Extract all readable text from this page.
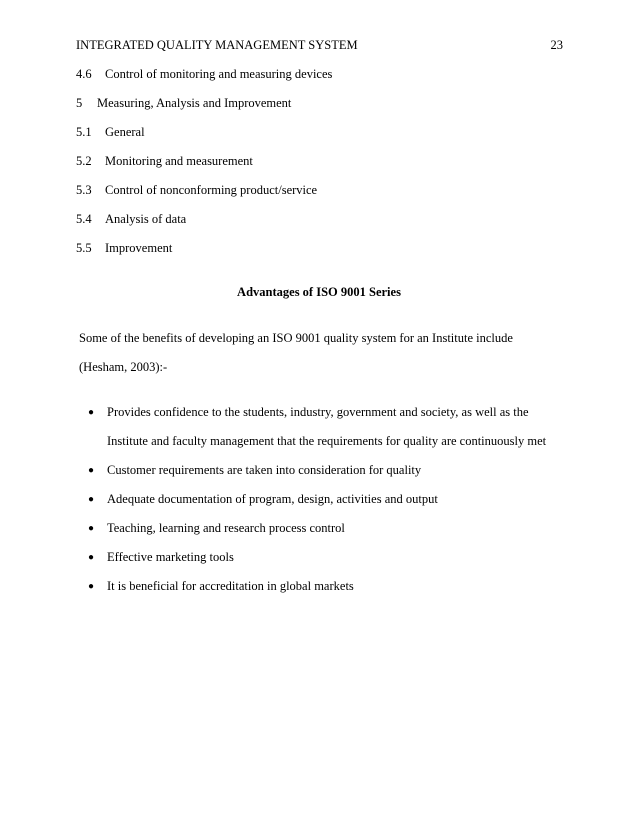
INTEGRATED QUALITY MANAGEMENT SYSTEM	23
4.6	Control of monitoring and measuring devices
5	Measuring, Analysis and Improvement
5.1	General
5.2	Monitoring and measurement
5.3	Control of nonconforming product/service
5.4	Analysis of data
5.5	Improvement
Advantages of ISO 9001 Series

Some of the benefits of developing an ISO 9001 quality system for an Institute include

(Hesham, 2003):-

● Provides confidence to the students, industry, government and society, as well as the
Institute and faculty management that the requirements for quality are continuously met
● Customer requirements are taken into consideration for quality
● Adequate documentation of program, design, activities and output
● Teaching, learning and research process control
● Effective marketing tools
● It is beneficial for accreditation in global markets
